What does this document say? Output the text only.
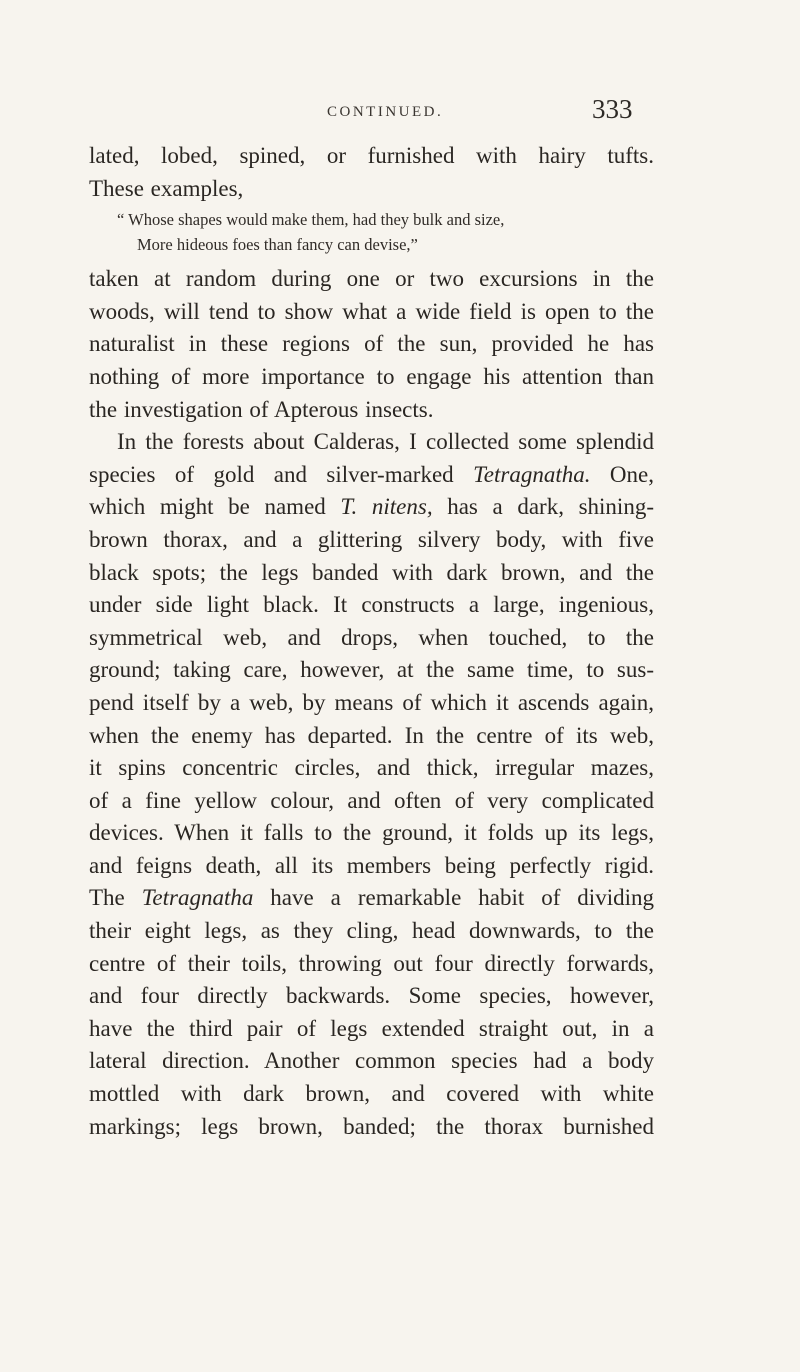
CONTINUED.	333
lated, lobed, spined, or furnished with hairy tufts.
These examples,
“ Whose shapes would make them, had they bulk and size,
More hideous foes than fancy can devise,”
taken at random during one or two excursions in the
woods, will tend to show what a wide field is open to the
naturalist in these regions of the sun, provided he has
nothing of more importance to engage his attention than
the investigation of Apterous insects.
In the forests about Calderas, I collected some splendid
species of gold and silver-marked Tetragnatha. One,
which might be named T. nitens, has a dark, shining-
brown thorax, and a glittering silvery body, with five
black spots; the legs banded with dark brown, and the
under side light black. It constructs a large, ingenious,
symmetrical web, and drops, when touched, to the
ground; taking care, however, at the same time, to sus-
pend itself by a web, by means of which it ascends again,
when the enemy has departed. In the centre of its web,
it spins concentric circles, and thick, irregular mazes,
of a fine yellow colour, and often of very complicated
devices. When it falls to the ground, it folds up its legs,
and feigns death, all its members being perfectly rigid.
The Tetragnatha have a remarkable habit of dividing
their eight legs, as they cling, head downwards, to the
centre of their toils, throwing out four directly forwards,
and four directly backwards. Some species, however,
have the third pair of legs extended straight out, in a
lateral direction. Another common species had a body
mottled with dark brown, and covered with white
markings; legs brown, banded; the thorax burnished
